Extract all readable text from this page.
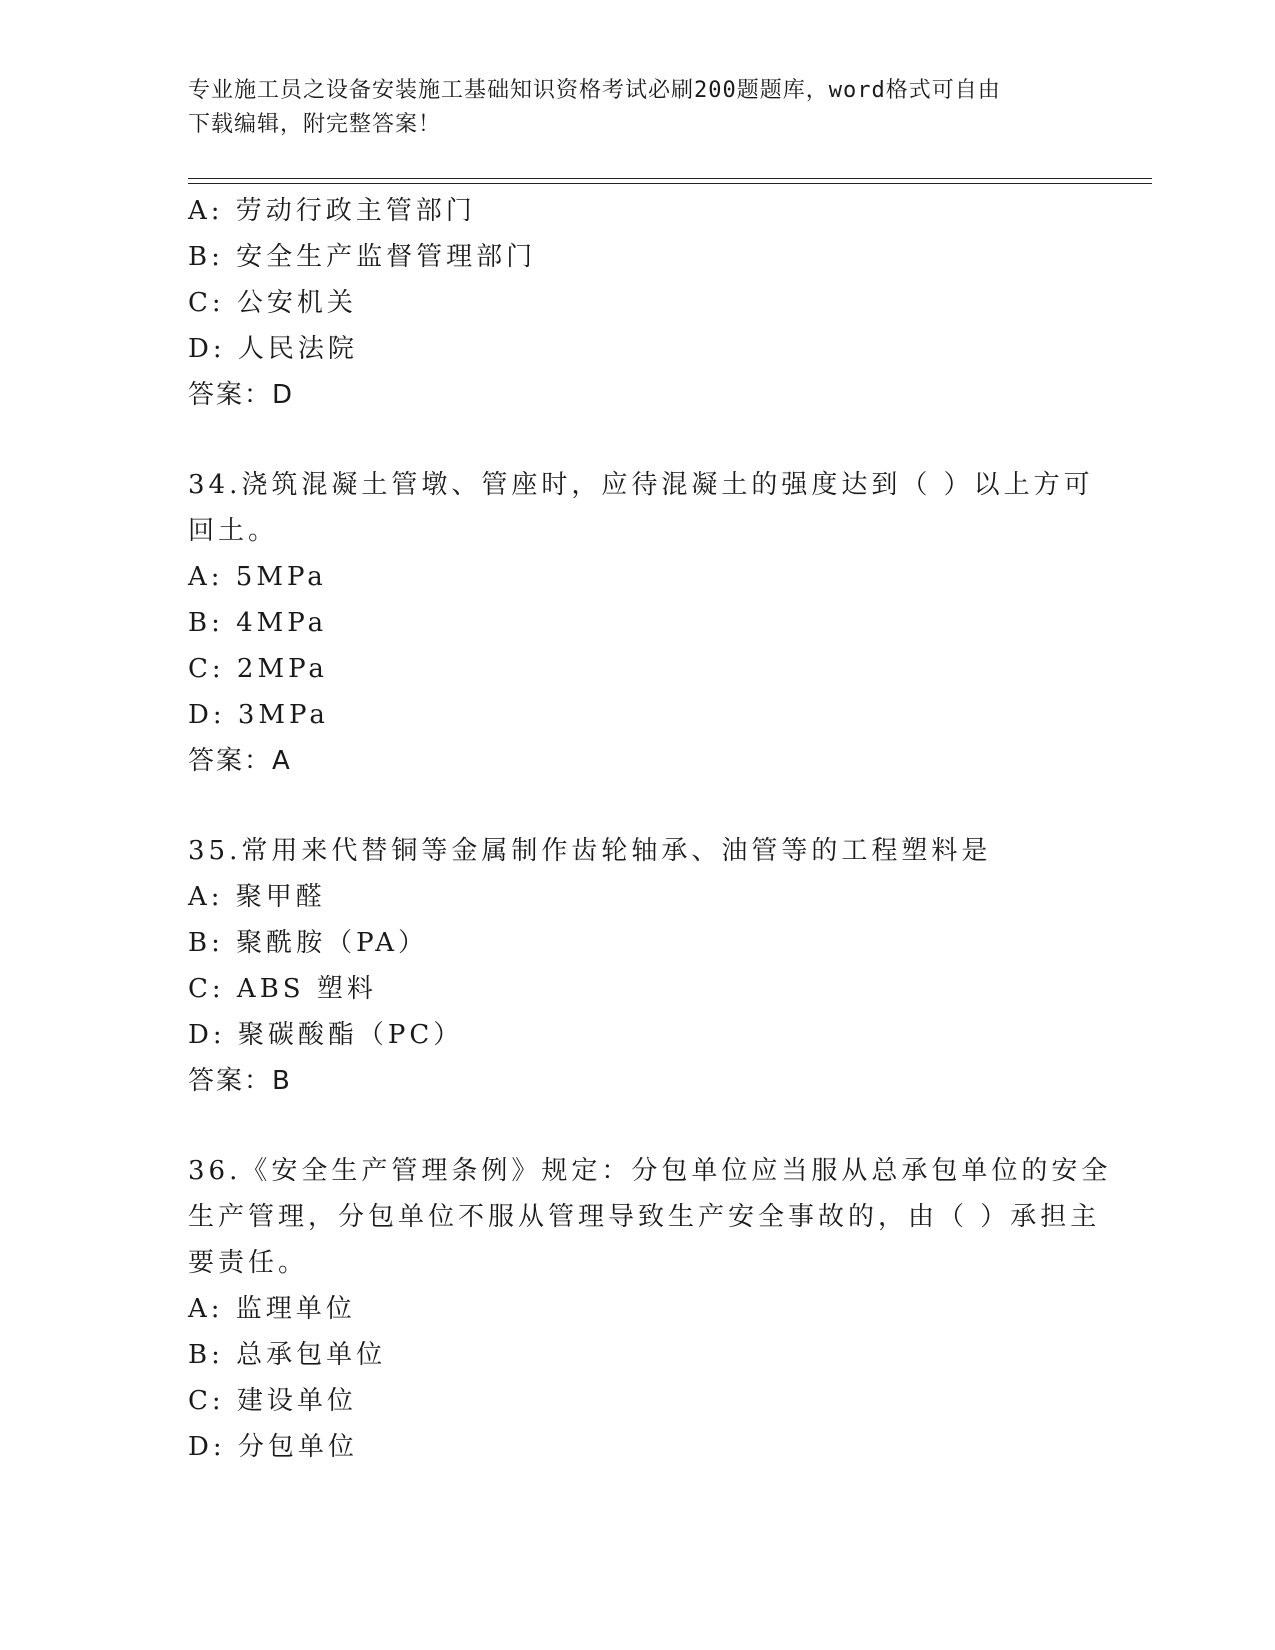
专业施工员之设备安装施工基础知识资格考试必刷200题题库，word格式可自由

下载编辑，附完整答案！

A: 劳动行政主管部门
B: 安全生产监督管理部门
C: 公安机关
D: 人民法院
答案：D
34.浇筑混凝土管墩、管座时，应待混凝土的强度达到（ ）以上方可
回土。
A: 5MPa
B: 4MPa
C: 2MPa
D: 3MPa
答案：A
35.常用来代替铜等金属制作齿轮轴承、油管等的工程塑料是
A: 聚甲醛
B: 聚酰胺（PA）
C: ABS 塑料
D: 聚碳酸酯（PC）
答案：B
36.《安全生产管理条例》规定：分包单位应当服从总承包单位的安全
生产管理，分包单位不服从管理导致生产安全事故的，由（ ）承担主
要责任。
A: 监理单位
B: 总承包单位
C: 建设单位
D: 分包单位
